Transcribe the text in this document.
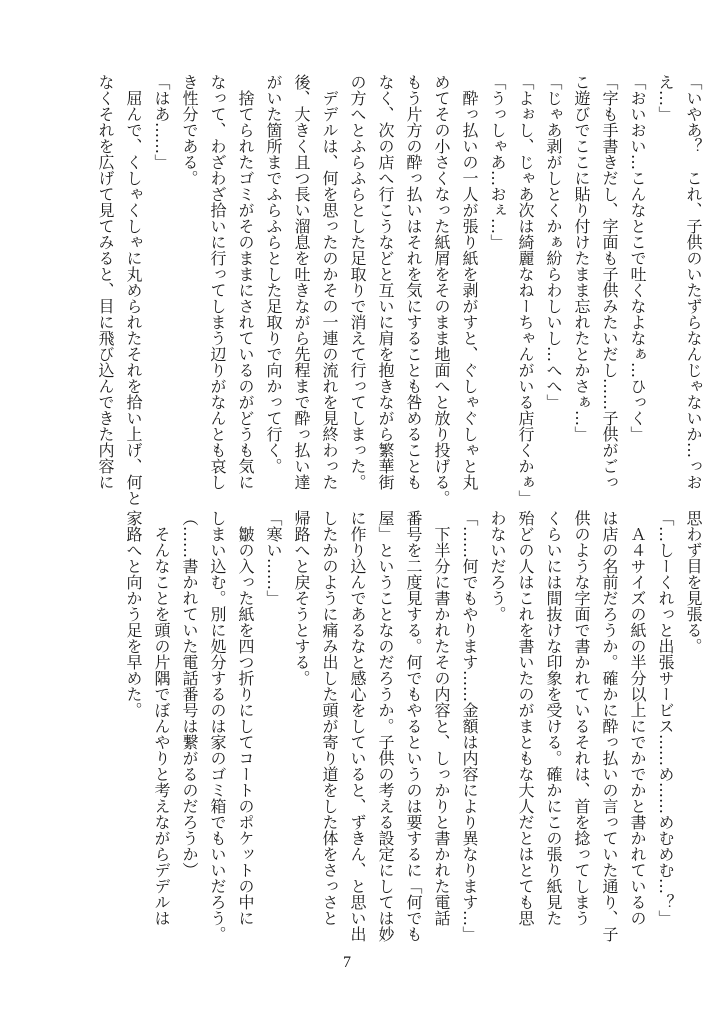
「いやあ？　これ、子供のいたずらなんじゃないか…っお
え…」
「おいおい…こんなとこで吐くなよなぁ…ひっく」
「字も手書きだし、字面も子供みたいだし……子供がごっ
こ遊びでここに貼り付けたまま忘れたとかさぁ…」
「じゃあ剥がしとくかぁ紛らわしいし…へへ」
「よぉし、じゃあ次は綺麗なねーちゃんがいる店行くかぁ」
「うっしゃあ…おぇ…」
　酔っ払いの一人が張り紙を剥がすと、ぐしゃぐしゃと丸
めてその小さくなった紙屑をそのまま地面へと放り投げる。
もう片方の酔っ払いはそれを気にすることも咎めることも
なく、次の店へ行こうなどと互いに肩を抱きながら繁華街
の方へとふらふらとした足取りで消えて行ってしまった。
　デデルは、何を思ったのかその一連の流れを見終わった
後、大きく且つ長い溜息を吐きながら先程まで酔っ払い達
がいた箇所までふらふらとした足取りで向かって行く。
　捨てられたゴミがそのままにされているのがどうも気に
なって、わざわざ拾いに行ってしまう辺りがなんとも哀し
き性分である。
「はあ……」
　屈んで、くしゃくしゃに丸められたそれを拾い上げ、何と
なくそれを広げて見てみると、目に飛び込んできた内容に
思わず目を見張る。
「…しーくれっと出張サービス……め……めむめむ…？」
　Ａ４サイズの紙の半分以上にでかでかと書かれているの
は店の名前だろうか。確かに酔っ払いの言っていた通り、子
供のような字面で書かれているそれは、首を捻ってしまう
くらいには間抜けな印象を受ける。確かにこの張り紙見た
殆どの人はこれを書いたのがまともな大人だとはとても思
わないだろう。
「……何でもやります……金額は内容により異なります…」
　下半分に書かれたその内容と、しっかりと書かれた電話
番号を二度見する。何でもやるというのは要するに「何でも
屋」ということなのだろうか。子供の考える設定にしては妙
に作り込んであるなと感心をしていると、ずきん、と思い出
したかのように痛み出した頭が寄り道をした体をさっさと
帰路へと戻そうとする。
「寒い……」
　皺の入った紙を四つ折りにしてコートのポケットの中に
しまい込む。別に処分するのは家のゴミ箱でもいいだろう。
（……書かれていた電話番号は繋がるのだろうか）
　そんなことを頭の片隅でぼんやりと考えながらデデルは
家路へと向かう足を早めた。
7
